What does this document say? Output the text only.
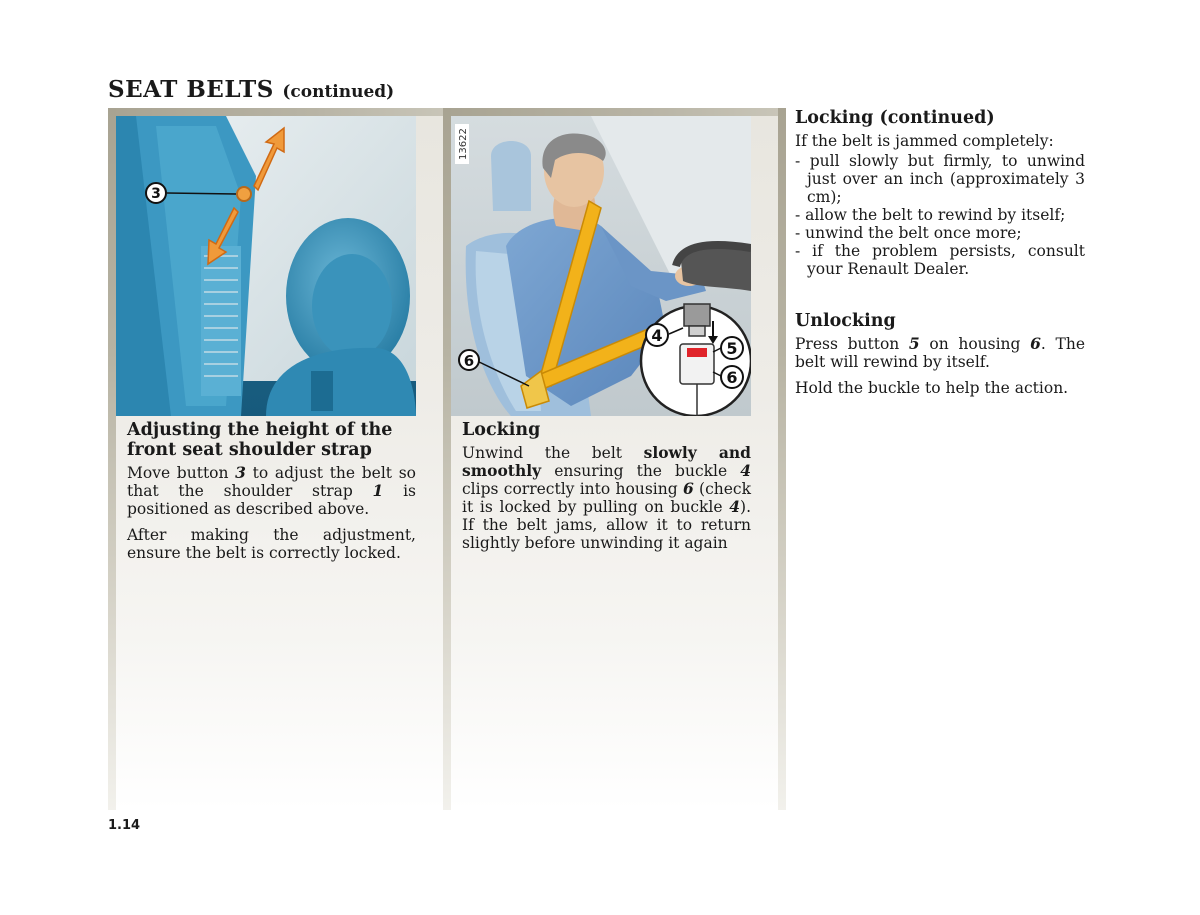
SEAT BELTS (continued)
3
Adjusting the height of the front seat shoulder strap

Move button 3 to adjust the belt so that the shoulder strap 1 is positioned as described above.

After making the adjustment, ensure the belt is correctly locked.

4
5
6
6
13622
Locking

Unwind the belt slowly and smoothly ensuring the buckle 4 clips correctly into housing 6 (check it is locked by pulling on buckle 4). If the belt jams, allow it to return slightly before unwinding it again

Locking (continued)

If the belt is jammed completely:

- pull slowly but firmly, to unwind just over an inch (approximately 3 cm);
- allow the belt to rewind by itself;
- unwind the belt once more;
- if the problem persists, consult your Renault Dealer.
Unlocking

Press button 5 on housing 6. The belt will rewind by itself.

Hold the buckle to help the action.

1.14
